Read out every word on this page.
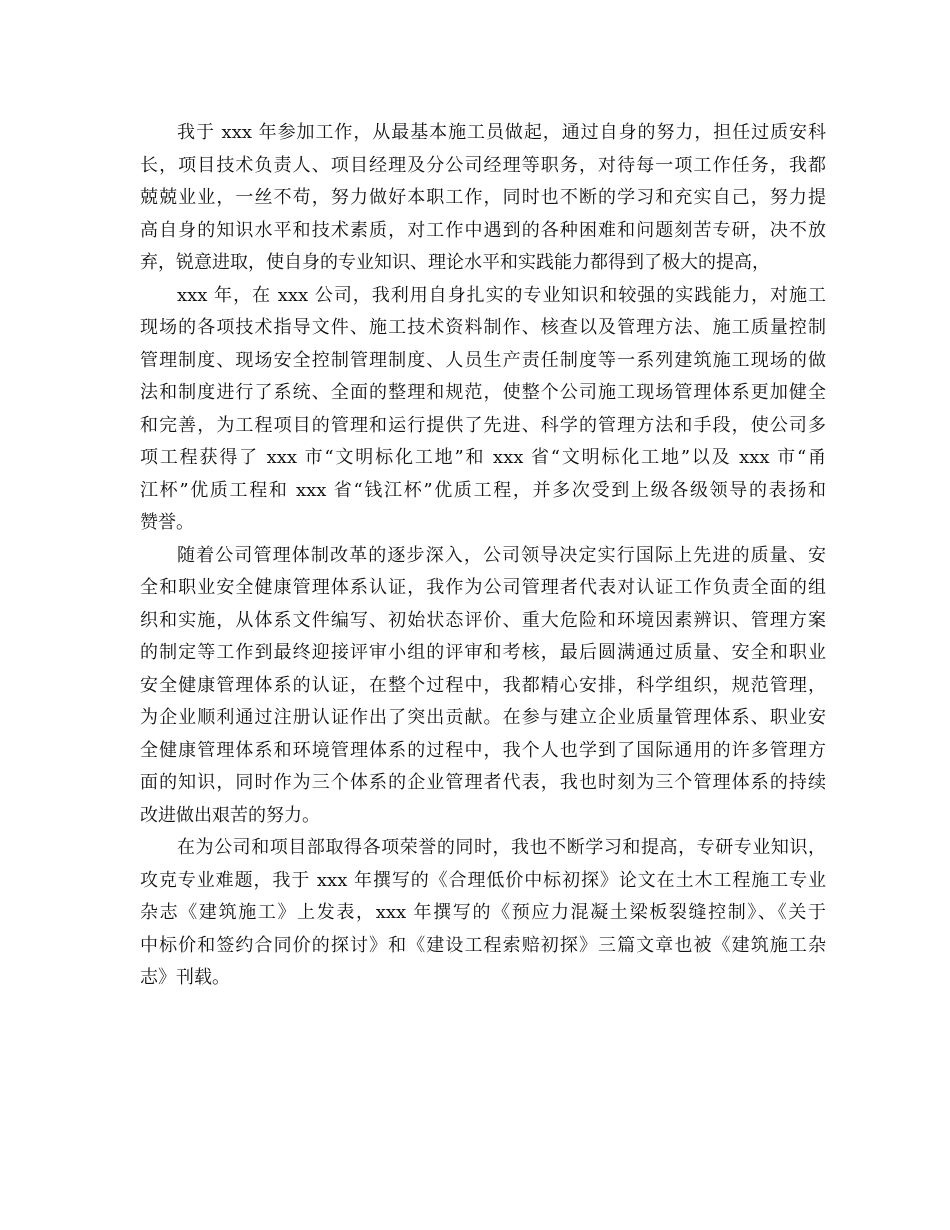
我于 xxx 年参加工作，从最基本施工员做起，通过自身的努力，担任过质安科
长，项目技术负责人、项目经理及分公司经理等职务，对待每一项工作任务，我都
兢兢业业，一丝不苟，努力做好本职工作，同时也不断的学习和充实自己，努力提
高自身的知识水平和技术素质，对工作中遇到的各种困难和问题刻苦专研，决不放
弃，锐意进取，使自身的专业知识、理论水平和实践能力都得到了极大的提高，
xxx 年，在 xxx 公司，我利用自身扎实的专业知识和较强的实践能力，对施工
现场的各项技术指导文件、施工技术资料制作、核查以及管理方法、施工质量控制
管理制度、现场安全控制管理制度、人员生产责任制度等一系列建筑施工现场的做
法和制度进行了系统、全面的整理和规范，使整个公司施工现场管理体系更加健全
和完善，为工程项目的管理和运行提供了先进、科学的管理方法和手段，使公司多
项工程获得了 xxx 市“文明标化工地”和 xxx 省“文明标化工地”以及 xxx 市“甬
江杯”优质工程和 xxx 省“钱江杯”优质工程，并多次受到上级各级领导的表扬和
赞誉。
随着公司管理体制改革的逐步深入，公司领导决定实行国际上先进的质量、安
全和职业安全健康管理体系认证，我作为公司管理者代表对认证工作负责全面的组
织和实施，从体系文件编写、初始状态评价、重大危险和环境因素辨识、管理方案
的制定等工作到最终迎接评审小组的评审和考核，最后圆满通过质量、安全和职业
安全健康管理体系的认证，在整个过程中，我都精心安排，科学组织，规范管理，
为企业顺利通过注册认证作出了突出贡献。在参与建立企业质量管理体系、职业安
全健康管理体系和环境管理体系的过程中，我个人也学到了国际通用的许多管理方
面的知识，同时作为三个体系的企业管理者代表，我也时刻为三个管理体系的持续
改进做出艰苦的努力。
在为公司和项目部取得各项荣誉的同时，我也不断学习和提高，专研专业知识，
攻克专业难题，我于 xxx 年撰写的《合理低价中标初探》论文在土木工程施工专业
杂志《建筑施工》上发表，xxx 年撰写的《预应力混凝土梁板裂缝控制》、《关于
中标价和签约合同价的探讨》和《建设工程索赔初探》三篇文章也被《建筑施工杂
志》刊载。
